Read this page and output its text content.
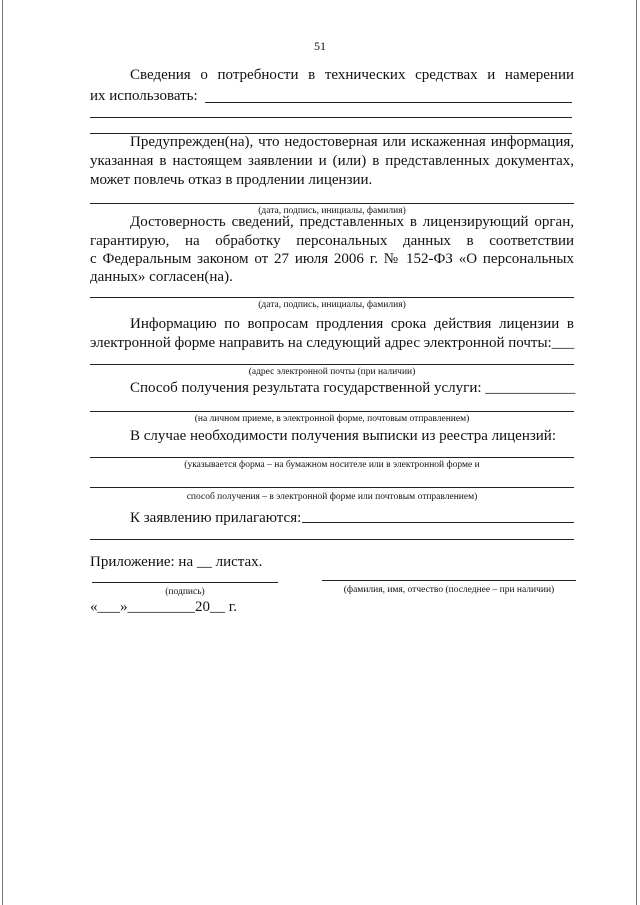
51
Сведения о потребности в технических средствах и намерении
их использовать:
Предупрежден(на), что недостоверная или искаженная информация,
указанная в настоящем заявлении и (или) в представленных документах,
может повлечь отказ в продлении лицензии.
(дата, подпись, инициалы, фамилия)
Достоверность сведений, представленных в лицензирующий орган,
гарантирую, на обработку персональных данных в соответствии
с Федеральным законом от 27 июля 2006 г. № 152-ФЗ «О персональных
данных» согласен(на).
(дата, подпись, инициалы, фамилия)
Информацию по вопросам продления срока действия лицензии в
электронной форме направить на следующий адрес электронной почты:___
(адрес электронной почты (при наличии)
Способ получения результата государственной услуги: ____________
(на личном приеме, в электронной форме, почтовым отправлением)
В случае необходимости получения выписки из реестра лицензий:
(указывается форма – на бумажном носителе или в электронной форме и
способ получения – в электронной форме или почтовым отправлением)
К заявлению прилагаются:
Приложение: на __ листах.
(подпись)	(фамилия, имя, отчество (последнее – при наличии)
«___»_________20__ г.
